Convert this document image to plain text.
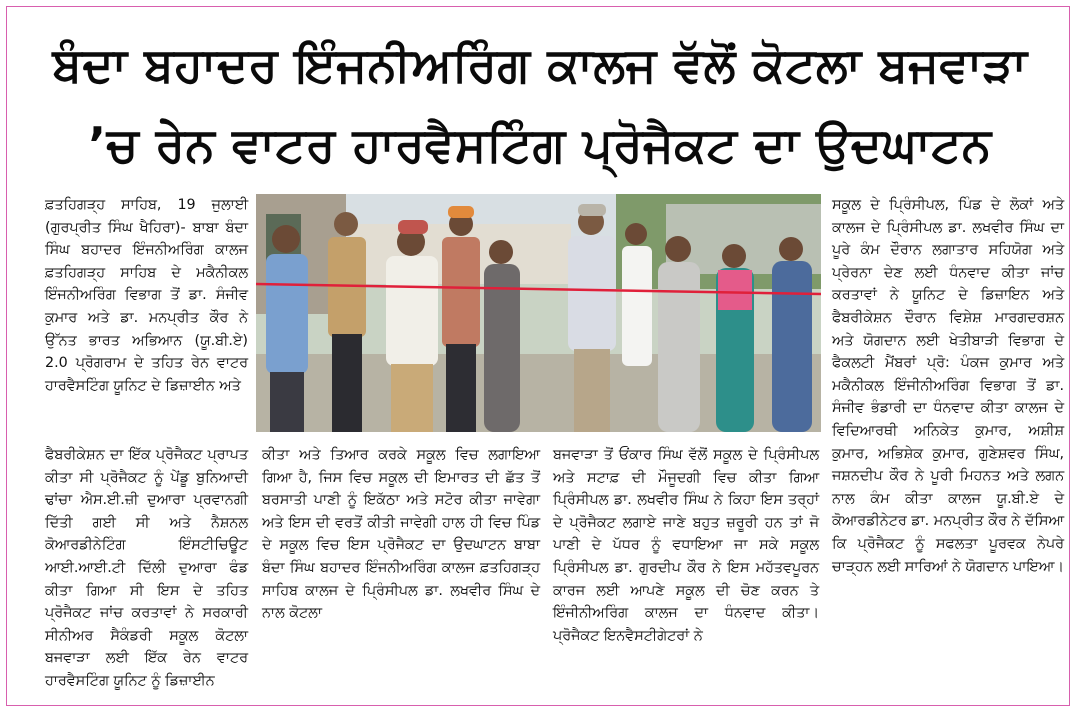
ਬੰਦਾ ਬਹਾਦਰ ਇੰਜਨੀਅਰਿੰਗ ਕਾਲਜ ਵੱਲੋਂ ਕੋਟਲਾ ਬਜਵਾੜਾ
’ਚ ਰੇਨ ਵਾਟਰ ਹਾਰਵੈਸਟਿੰਗ ਪ੍ਰੋਜੈਕਟ ਦਾ ਉਦਘਾਟਨ

ਫ਼ਤਹਿਗੜ੍ਹ ਸਾਹਿਬ, 19 ਜੁਲਾਈ (ਗੁਰਪ੍ਰੀਤ ਸਿੰਘ ਖੈਹਿਰਾ)- ਬਾਬਾ ਬੰਦਾ ਸਿੰਘ ਬਹਾਦਰ ਇੰਜਨੀਅਰਿੰਗ ਕਾਲਜ ਫ਼ਤਹਿਗੜ੍ਹ ਸਾਹਿਬ ਦੇ ਮਕੈਨੀਕਲ ਇੰਜਨੀਅਰਿੰਗ ਵਿਭਾਗ ਤੋਂ ਡਾ. ਸੰਜੀਵ ਕੁਮਾਰ ਅਤੇ ਡਾ. ਮਨਪ੍ਰੀਤ ਕੌਰ ਨੇ ਉੱਨਤ ਭਾਰਤ ਅਭਿਆਨ (ਯੂ.ਬੀ.ਏ) 2.0 ਪ੍ਰੋਗਰਾਮ ਦੇ ਤਹਿਤ ਰੇਨ ਵਾਟਰ ਹਾਰਵੈਸਟਿੰਗ ਯੂਨਿਟ ਦੇ ਡਿਜ਼ਾਈਨ ਅਤੇ

ਫੈਬਰੀਕੇਸ਼ਨ ਦਾ ਇੱਕ ਪ੍ਰੋਜੈਕਟ ਪ੍ਰਾਪਤ ਕੀਤਾ ਸੀ ਪ੍ਰੋਜੈਕਟ ਨੂੰ ਪੇਂਡੂ ਬੁਨਿਆਦੀ ਢਾਂਚਾ ਐਸ.ਈ.ਜ਼ੀ ਦੁਆਰਾ ਪ੍ਰਵਾਨਗੀ ਦਿੱਤੀ ਗਈ ਸੀ ਅਤੇ ਨੈਸ਼ਨਲ ਕੋਆਰਡੀਨੇਟਿੰਗ ਇੰਸਟੀਚਿਊਟ ਆਈ.ਆਈ.ਟੀ ਦਿੱਲੀ ਦੁਆਰਾ ਫੰਡ ਕੀਤਾ ਗਿਆ ਸੀ ਇਸ ਦੇ ਤਹਿਤ ਪ੍ਰੋਜੈਕਟ ਜਾਂਚ ਕਰਤਾਵਾਂ ਨੇ ਸਰਕਾਰੀ ਸੀਨੀਅਰ ਸੈਕੰਡਰੀ ਸਕੂਲ ਕੋਟਲਾ ਬਜਵਾੜਾ ਲਈ ਇੱਕ ਰੇਨ ਵਾਟਰ ਹਾਰਵੈਸਟਿੰਗ ਯੂਨਿਟ ਨੂੰ ਡਿਜ਼ਾਈਨ

ਕੀਤਾ ਅਤੇ ਤਿਆਰ ਕਰਕੇ ਸਕੂਲ ਵਿਚ ਲਗਾਇਆ ਗਿਆ ਹੈ, ਜਿਸ ਵਿਚ ਸਕੂਲ ਦੀ ਇਮਾਰਤ ਦੀ ਛੱਤ ਤੋਂ ਬਰਸਾਤੀ ਪਾਣੀ ਨੂੰ ਇਕੱਠਾ ਅਤੇ ਸਟੋਰ ਕੀਤਾ ਜਾਵੇਗਾ ਅਤੇ ਇਸ ਦੀ ਵਰਤੋਂ ਕੀਤੀ ਜਾਵੇਗੀ ਹਾਲ ਹੀ ਵਿਚ ਪਿੰਡ ਦੇ ਸਕੂਲ ਵਿਚ ਇਸ ਪ੍ਰੋਜੈਕਟ ਦਾ ਉਦਘਾਟਨ ਬਾਬਾ ਬੰਦਾ ਸਿੰਘ ਬਹਾਦਰ ਇੰਜਨੀਅਰਿੰਗ ਕਾਲਜ ਫ਼ਤਹਿਗੜ੍ਹ ਸਾਹਿਬ ਕਾਲਜ ਦੇ ਪ੍ਰਿੰਸੀਪਲ ਡਾ. ਲਖਵੀਰ ਸਿੰਘ ਦੇ ਨਾਲ ਕੋਟਲਾ

ਬਜਵਾੜਾ ਤੋਂ ਓਂਕਾਰ ਸਿੰਘ ਵੱਲੋਂ ਸਕੂਲ ਦੇ ਪ੍ਰਿੰਸੀਪਲ ਅਤੇ ਸਟਾਫ਼ ਦੀ ਮੌਜੂਦਗੀ ਵਿਚ ਕੀਤਾ ਗਿਆ ਪ੍ਰਿੰਸੀਪਲ ਡਾ. ਲਖਵੀਰ ਸਿੰਘ ਨੇ ਕਿਹਾ ਇਸ ਤਰ੍ਹਾਂ ਦੇ ਪ੍ਰੋਜੈਕਟ ਲਗਾਏ ਜਾਣੇ ਬਹੁਤ ਜ਼ਰੂਰੀ ਹਨ ਤਾਂ ਜੋ ਪਾਣੀ ਦੇ ਪੱਧਰ ਨੂੰ ਵਧਾਇਆ ਜਾ ਸਕੇ ਸਕੂਲ ਪ੍ਰਿੰਸੀਪਲ ਡਾ. ਗੁਰਦੀਪ ਕੌਰ ਨੇ ਇਸ ਮਹੱਤਵਪੂਰਨ ਕਾਰਜ ਲਈ ਆਪਣੇ ਸਕੂਲ ਦੀ ਚੋਣ ਕਰਨ ਤੇ ਇੰਜੀਨੀਅਰਿੰਗ ਕਾਲਜ ਦਾ ਧੰਨਵਾਦ ਕੀਤਾ। ਪ੍ਰੋਜੈਕਟ ਇਨਵੈਸਟੀਗੇਟਰਾਂ ਨੇ

ਸਕੂਲ ਦੇ ਪ੍ਰਿੰਸੀਪਲ, ਪਿੰਡ ਦੇ ਲੋਕਾਂ ਅਤੇ ਕਾਲਜ ਦੇ ਪ੍ਰਿੰਸੀਪਲ ਡਾ. ਲਖਵੀਰ ਸਿੰਘ ਦਾ ਪੂਰੇ ਕੰਮ ਦੌਰਾਨ ਲਗਾਤਾਰ ਸਹਿਯੋਗ ਅਤੇ ਪ੍ਰੇਰਨਾ ਦੇਣ ਲਈ ਧੰਨਵਾਦ ਕੀਤਾ ਜਾਂਚ ਕਰਤਾਵਾਂ ਨੇ ਯੂਨਿਟ ਦੇ ਡਿਜ਼ਾਇਨ ਅਤੇ ਫੈਬਰੀਕੇਸ਼ਨ ਦੌਰਾਨ ਵਿਸ਼ੇਸ਼ ਮਾਰਗਦਰਸ਼ਨ ਅਤੇ ਯੋਗਦਾਨ ਲਈ ਖੇਤੀਬਾੜੀ ਵਿਭਾਗ ਦੇ ਫੈਕਲਟੀ ਮੈਂਬਰਾਂ ਪ੍ਰੋ: ਪੰਕਜ ਕੁਮਾਰ ਅਤੇ ਮਕੈਨੀਕਲ ਇੰਜੀਨੀਅਰਿੰਗ ਵਿਭਾਗ ਤੋਂ ਡਾ. ਸੰਜੀਵ ਭੰਡਾਰੀ ਦਾ ਧੰਨਵਾਦ ਕੀਤਾ ਕਾਲਜ ਦੇ ਵਿਦਿਆਰਥੀ ਅਨਿਕੇਤ ਕੁਮਾਰ, ਅਸ਼ੀਸ਼ ਕੁਮਾਰ, ਅਭਿਸ਼ੇਕ ਕੁਮਾਰ, ਗੁਣੇਸ਼ਵਰ ਸਿੰਘ, ਜਸ਼ਨਦੀਪ ਕੌਰ ਨੇ ਪੂਰੀ ਮਿਹਨਤ ਅਤੇ ਲਗਨ ਨਾਲ ਕੰਮ ਕੀਤਾ ਕਾਲਜ ਯੂ.ਬੀ.ਏ ਦੇ ਕੋਆਰਡੀਨੇਟਰ ਡਾ. ਮਨਪ੍ਰੀਤ ਕੌਰ ਨੇ ਦੱਸਿਆ ਕਿ ਪ੍ਰੋਜੈਕਟ ਨੂੰ ਸਫਲਤਾ ਪੂਰਵਕ ਨੇਪਰੇ ਚਾੜ੍ਹਨ ਲਈ ਸਾਰਿਆਂ ਨੇ ਯੋਗਦਾਨ ਪਾਇਆ।
